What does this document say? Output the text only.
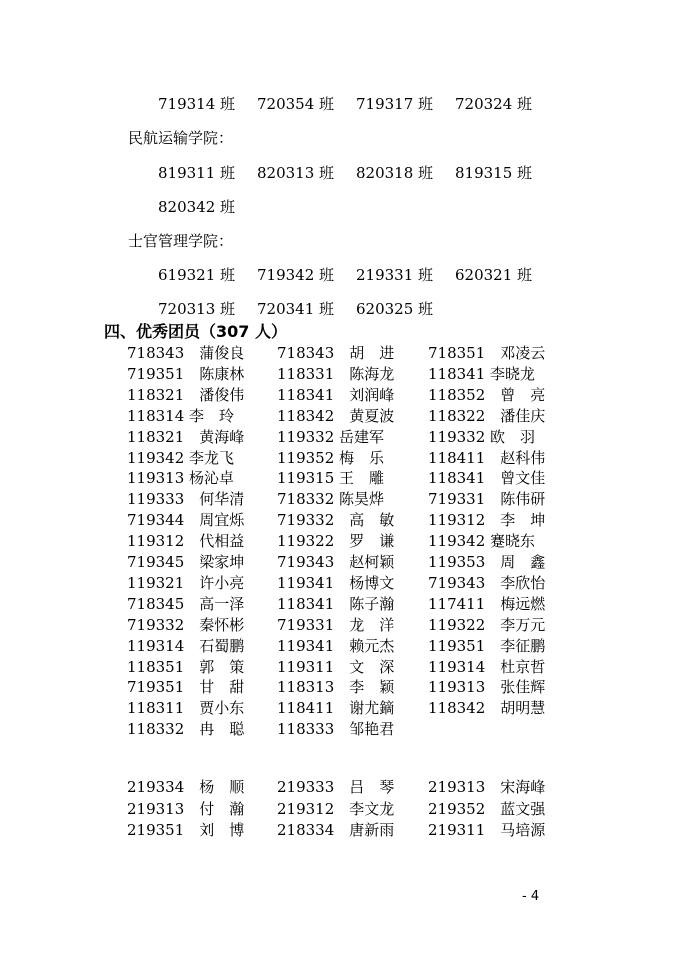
719314 班 720354 班 719317 班 720324 班
民航运输学院：
819311 班 820313 班 820318 班 819315 班
820342 班
士官管理学院：
619321 班 719342 班 219331 班 620321 班
720313 班 720341 班 620325 班
四、优秀团员（307 人）
718343　蒲俊良 718343　胡　进 718351　邓凌云
719351　陈康林 118331　陈海龙 118341 李晓龙
118321　潘俊伟 118341　刘润峰 118352　曾　亮
118314 李　玲	118342　黄夏波 118322　潘佳庆
118321　黄海峰 119332 岳建军	119332 欧　羽
119342 李龙飞	119352 梅　乐	118411　赵科伟
119313 杨沁卓	119315 王　雕	118341　曾文佳
119333　何华清 718332 陈昊烨	719331　陈伟研
719344　周宜烁 719332　高　敏 119312　李　坤
119312　代相益 119322　罗　谦 119342 蹇晓东
719345　梁家坤 719343　赵柯颖 119353　周　鑫
119321　许小亮 119341　杨博文 719343　李欣怡
718345　高一泽 118341　陈子瀚 117411　梅远燃
719332　秦怀彬 719331　龙　洋 119322　李万元
119314　石蜀鹏 119341　赖元杰 119351　李征鹏
118351　郭　策 119311　文　深 119314　杜京哲
719351　甘　甜 118313　李　颖 119313　张佳辉
118311　贾小东 118411　谢尤鏑 118342　胡明慧
118332　冉　聪 118333　邹艳君
219334　杨　顺 219333　吕　琴 219313　宋海峰
219313　付　瀚 219312　李文龙 219352　蓝文强
219351　刘　博 218334　唐新雨 219311　马培源
- 4
